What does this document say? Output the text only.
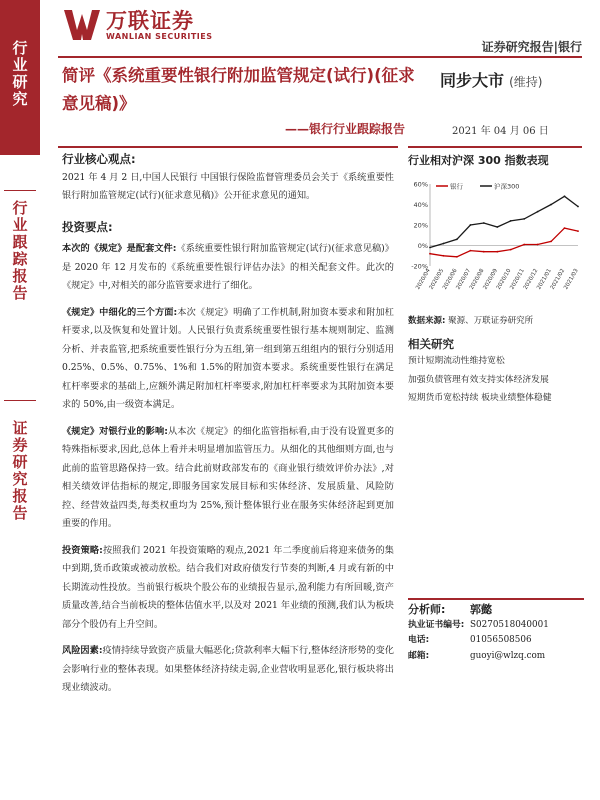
行业研究
行业跟踪报告
证券研究报告
万联证券
WANLIAN SECURITIES
证券研究报告|银行
简评《系统重要性银行附加监管规定(试行)(征求意见稿)》
——银行行业跟踪报告
同步大市 (维持)
2021 年 04 月 06 日
行业核心观点:
2021 年 4 月 2 日,中国人民银行 中国银行保险监督管理委员会关于《系统重要性银行附加监管规定(试行)(征求意见稿)》公开征求意见的通知。
投资要点:
本次的《规定》是配套文件:《系统重要性银行附加监管规定(试行)(征求意见稿)》是 2020 年 12 月发布的《系统重要性银行评估办法》的相关配套文件。此次的《规定》中,对相关的部分监管要求进行了细化。
《规定》中细化的三个方面:本次《规定》明确了工作机制,附加资本要求和附加杠杆要求,以及恢复和处置计划。人民银行负责系统重要性银行基本规则制定、监测分析、并表监管,把系统重要性银行分为五组,第一组到第五组组内的银行分别适用 0.25%、0.5%、0.75%、1%和 1.5%的附加资本要求。系统重要性银行在满足杠杆率要求的基础上,应额外满足附加杠杆率要求,附加杠杆率要求为其附加资本要求的 50%,由一级资本满足。
《规定》对银行业的影响:从本次《规定》的细化监管指标看,由于没有设置更多的特殊指标要求,因此,总体上看并未明显增加监管压力。从细化的其他细则方面,也与此前的监管思路保持一致。结合此前财政部发布的《商业银行绩效评价办法》,对相关绩效评估指标的规定,即服务国家发展目标和实体经济、发展质量、风险防控、经营效益四类,每类权重均为 25%,预计整体银行业在服务实体经济起到更加重要的作用。
投资策略:按照我们 2021 年投资策略的观点,2021 年二季度前后将迎来债务的集中到期,货币政策或被动放松。结合我们对政府债发行节奏的判断,4 月或有新的中长期流动性投放。当前银行板块个股公布的业绩报告显示,盈利能力有所回暖,资产质量改善,结合当前板块的整体估值水平,以及对 2021 年业绩的预测,我们认为板块部分个股仍有上升空间。
风险因素:疫情持续导致资产质量大幅恶化;贷款利率大幅下行,整体经济形势的变化会影响行业的整体表现。如果整体经济持续走弱,企业营收明显恶化,银行板块将出现业绩波动。
行业相对沪深 300 指数表现
60%
40%
20%
0%
-20%
2020/04
2020/05
2020/06
2020/07
2020/08
2020/09
2020/10
2020/11
2020/12
2021/01
2021/02
2021/03
银行	沪深300
数据来源: 聚源、万联证券研究所
相关研究
预计短期流动性维持宽松
加强负债管理有效支持实体经济发展
短期货币宽松持续 板块业绩整体稳健
分析师:	郭懿
执业证书编号: S0270518040001
电话:	01056508506
邮箱:	guoyi@wlzq.com
